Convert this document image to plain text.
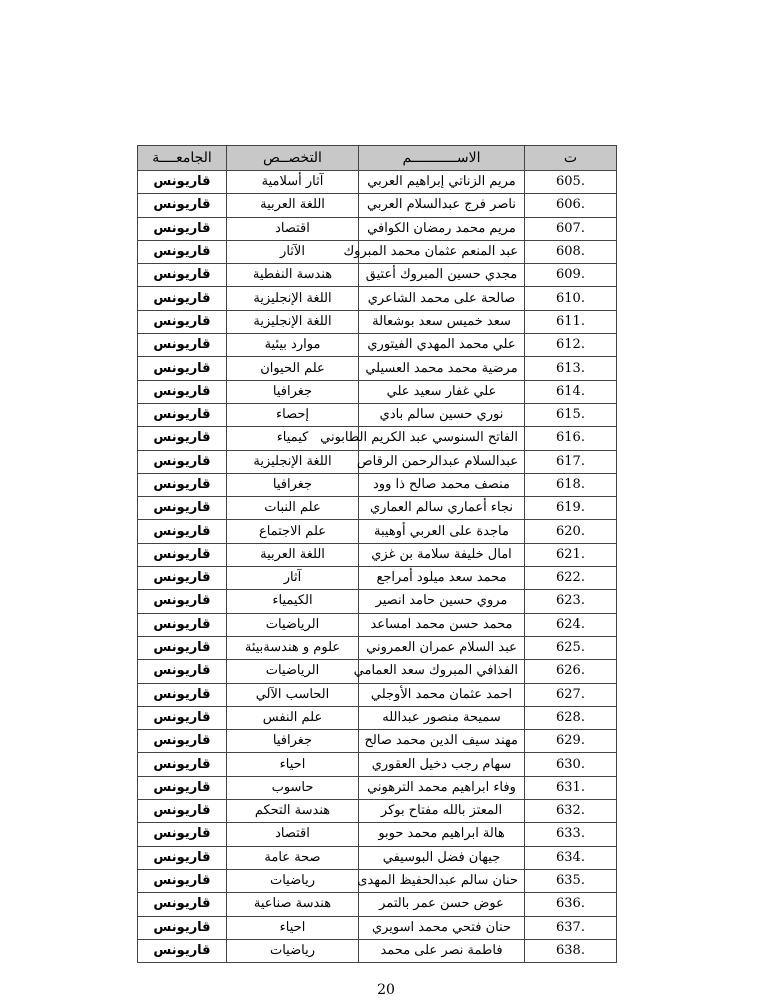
ت	الاســـــــــــم	التخصــص	الجامعــــة
605.	مريم الزناتي إبراهيم العربي	آثار أسلامية	قاريونس
606.	ناصر فرج عبدالسلام العربي	اللغة العربية	قاريونس
607.	مريم محمد رمضان الكوافي	اقتصاد	قاريونس
608.	عبد المنعم عثمان محمد المبروك	الآثار	قاريونس
609.	مجدي حسين المبروك أعتيق	هندسة النفطية	قاريونس
610.	صالحة على محمد الشاعري	اللغة الإنجليزية	قاريونس
611.	سعد خميس سعد بوشعالة	اللغة الإنجليزية	قاريونس
612.	علي محمد المهدي الفيتوري	موارد بيئية	قاريونس
613.	مرضية محمد محمد العسيلي	علم الحيوان	قاريونس
614.	علي غفار سعيد علي	جغرافيا	قاريونس
615.	نوري حسين سالم بادي	إحصاء	قاريونس
616.	الفاتح السنوسي عبد الكريم الطابوني	كيمياء	قاريونس
617.	عبدالسلام عبدالرحمن الرقاص	اللغة الإنجليزية	قاريونس
618.	منصف محمد صالح ذا وود	جغرافيا	قاريونس
619.	نجاء أعماري سالم العماري	علم النبات	قاريونس
620.	ماجدة على العربي أوهيبة	علم الاجتماع	قاريونس
621.	امال خليفة سلامة بن غزي	اللغة العربية	قاريونس
622.	محمد سعد ميلود أمراجع	آثار	قاريونس
623.	مروي حسين حامد انصير	الكيمياء	قاريونس
624.	محمد حسن محمد امساعد	الرياضيات	قاريونس
625.	عبد السلام عمران العمروني	علوم و هندسةبيئة	قاريونس
626.	الفذافي المبروك سعد العمامي	الرياضيات	قاريونس
627.	احمد عثمان محمد الأوجلي	الحاسب الآلي	قاريونس
628.	سميحة منصور عبدالله	علم النفس	قاريونس
629.	مهند سيف الدين محمد صالح	جغرافيا	قاريونس
630.	سهام رجب دخيل العقوري	احياء	قاريونس
631.	وفاء ابراهيم محمد الترهوني	حاسوب	قاريونس
632.	المعتز بالله مفتاح بوكر	هندسة التحكم	قاريونس
633.	هالة ابراهيم محمد حوبو	اقتصاد	قاريونس
634.	جيهان فضل البوسيفي	صحة عامة	قاريونس
635.	حنان سالم عبدالحفيظ المهدى	رياضيات	قاريونس
636.	عوض حسن عمر بالتمر	هندسة صناعية	قاريونس
637.	حنان فتحي محمد اسويري	احياء	قاريونس
638.	فاطمة نصر على محمد	رياضيات	قاريونس
20
